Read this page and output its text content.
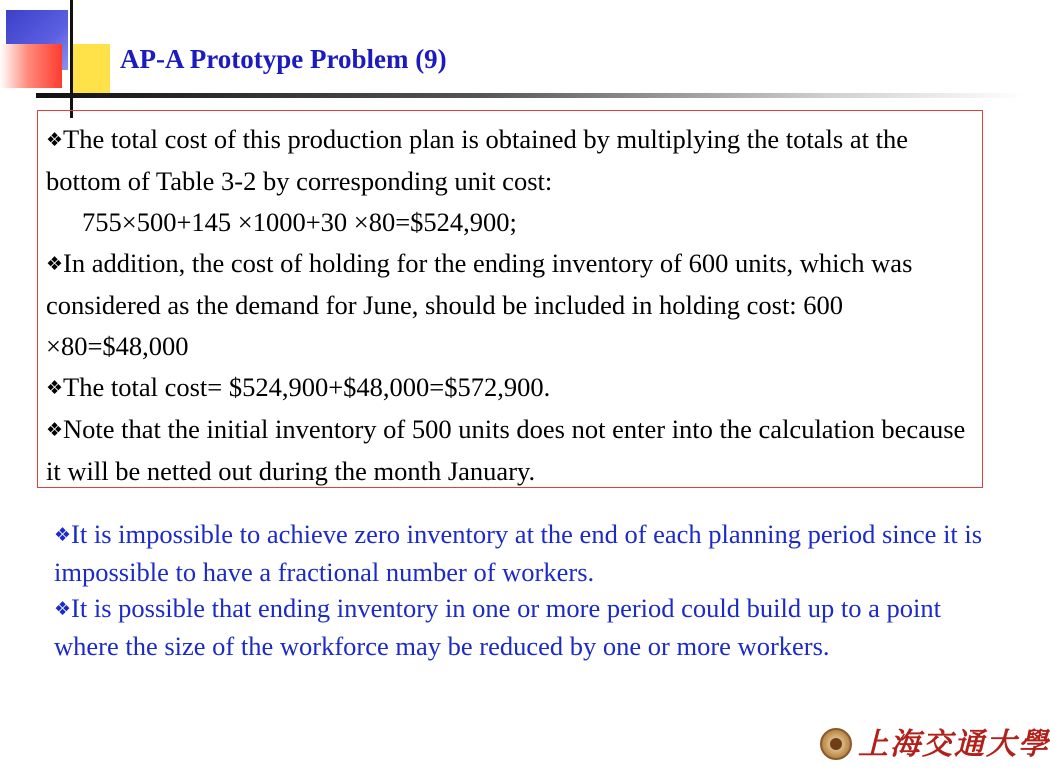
AP-A Prototype Problem (9)

❖The total cost of this production plan is obtained by multiplying the totals at the bottom of Table 3-2 by corresponding unit cost:

755×500+145 ×1000+30 ×80=$524,900;

❖In addition, the cost of holding for the ending inventory of 600 units, which was considered as the demand for June, should be included in holding cost: 600 ×80=$48,000

❖The total cost= $524,900+$48,000=$572,900.

❖Note that the initial inventory of 500 units does not enter into the calculation because it will be netted out during the month January.

❖It is impossible to achieve zero inventory at the end of each planning period since it is impossible to have a fractional number of workers.

❖It is possible that ending inventory in one or more period could build up to a point where the size of the workforce may be reduced by one or more workers.

上海交通大學
